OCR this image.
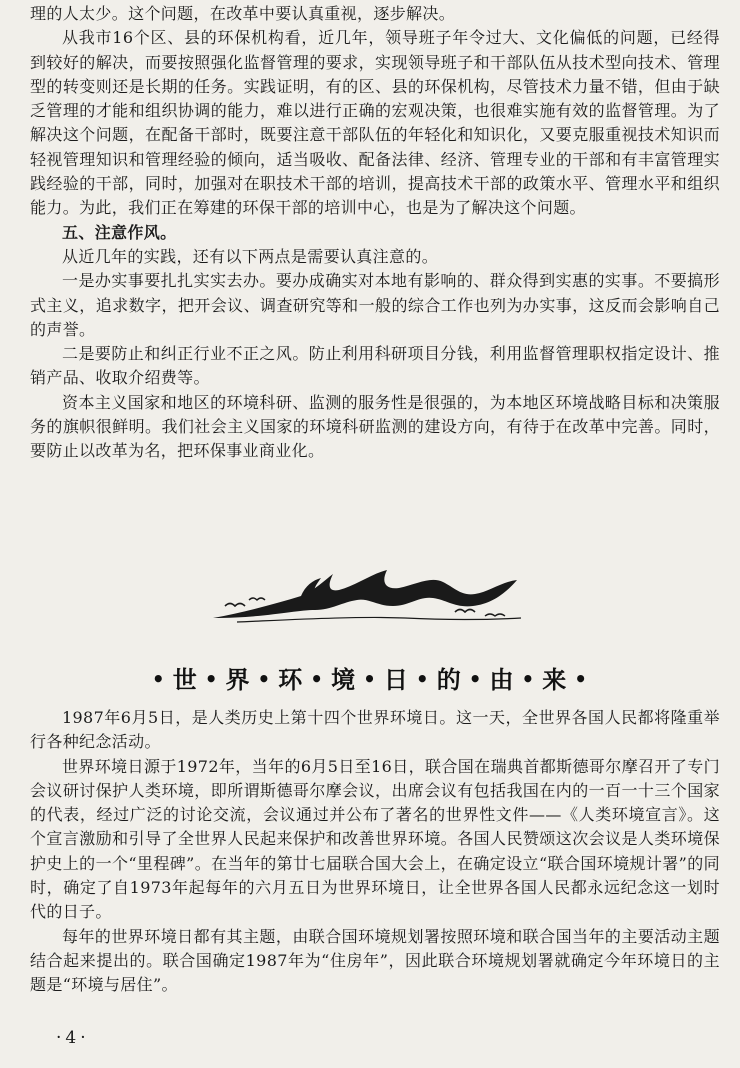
理的人太少。这个问题，在改革中要认真重视，逐步解决。

从我市16个区、县的环保机构看，近几年，领导班子年令过大、文化偏低的问题，已经得到较好的解决，而要按照强化监督管理的要求，实现领导班子和干部队伍从技术型向技术、管理型的转变则还是长期的任务。实践证明，有的区、县的环保机构，尽管技术力量不错，但由于缺乏管理的才能和组织协调的能力，难以进行正确的宏观决策，也很难实施有效的监督管理。为了解决这个问题，在配备干部时，既要注意干部队伍的年轻化和知识化，又要克服重视技术知识而轻视管理知识和管理经验的倾向，适当吸收、配备法律、经济、管理专业的干部和有丰富管理实践经验的干部，同时，加强对在职技术干部的培训，提高技术干部的政策水平、管理水平和组织能力。为此，我们正在筹建的环保干部的培训中心，也是为了解决这个问题。

五、注意作风。

从近几年的实践，还有以下两点是需要认真注意的。

一是办实事要扎扎实实去办。要办成确实对本地有影响的、群众得到实惠的实事。不要搞形式主义，追求数字，把开会议、调查研究等和一般的综合工作也列为办实事，这反而会影响自己的声誉。

二是要防止和纠正行业不正之风。防止利用科研项目分钱，利用监督管理职权指定设计、推销产品、收取介绍费等。

资本主义国家和地区的环境科研、监测的服务性是很强的，为本地区环境战略目标和决策服务的旗帜很鲜明。我们社会主义国家的环境科研监测的建设方向，有待于在改革中完善。同时，要防止以改革为名，把环保事业商业化。

• 世 • 界 • 环 • 境 • 日 • 的 • 由 • 来 •

1987年6月5日，是人类历史上第十四个世界环境日。这一天，全世界各国人民都将隆重举行各种纪念活动。

世界环境日源于1972年，当年的6月5日至16日，联合国在瑞典首都斯德哥尔摩召开了专门会议研讨保护人类环境，即所谓斯德哥尔摩会议，出席会议有包括我国在内的一百一十三个国家的代表，经过广泛的讨论交流，会议通过并公布了著名的世界性文件——《人类环境宣言》。这个宣言激励和引导了全世界人民起来保护和改善世界环境。各国人民赞颂这次会议是人类环境保护史上的一个“里程碑”。在当年的第廿七届联合国大会上，在确定设立“联合国环境规计署”的同时，确定了自1973年起每年的六月五日为世界环境日，让全世界各国人民都永远纪念这一划时代的日子。

每年的世界环境日都有其主题，由联合国环境规划署按照环境和联合国当年的主要活动主题结合起来提出的。联合国确定1987年为“住房年”，因此联合环境规划署就确定今年环境日的主题是“环境与居住”。

·4·
